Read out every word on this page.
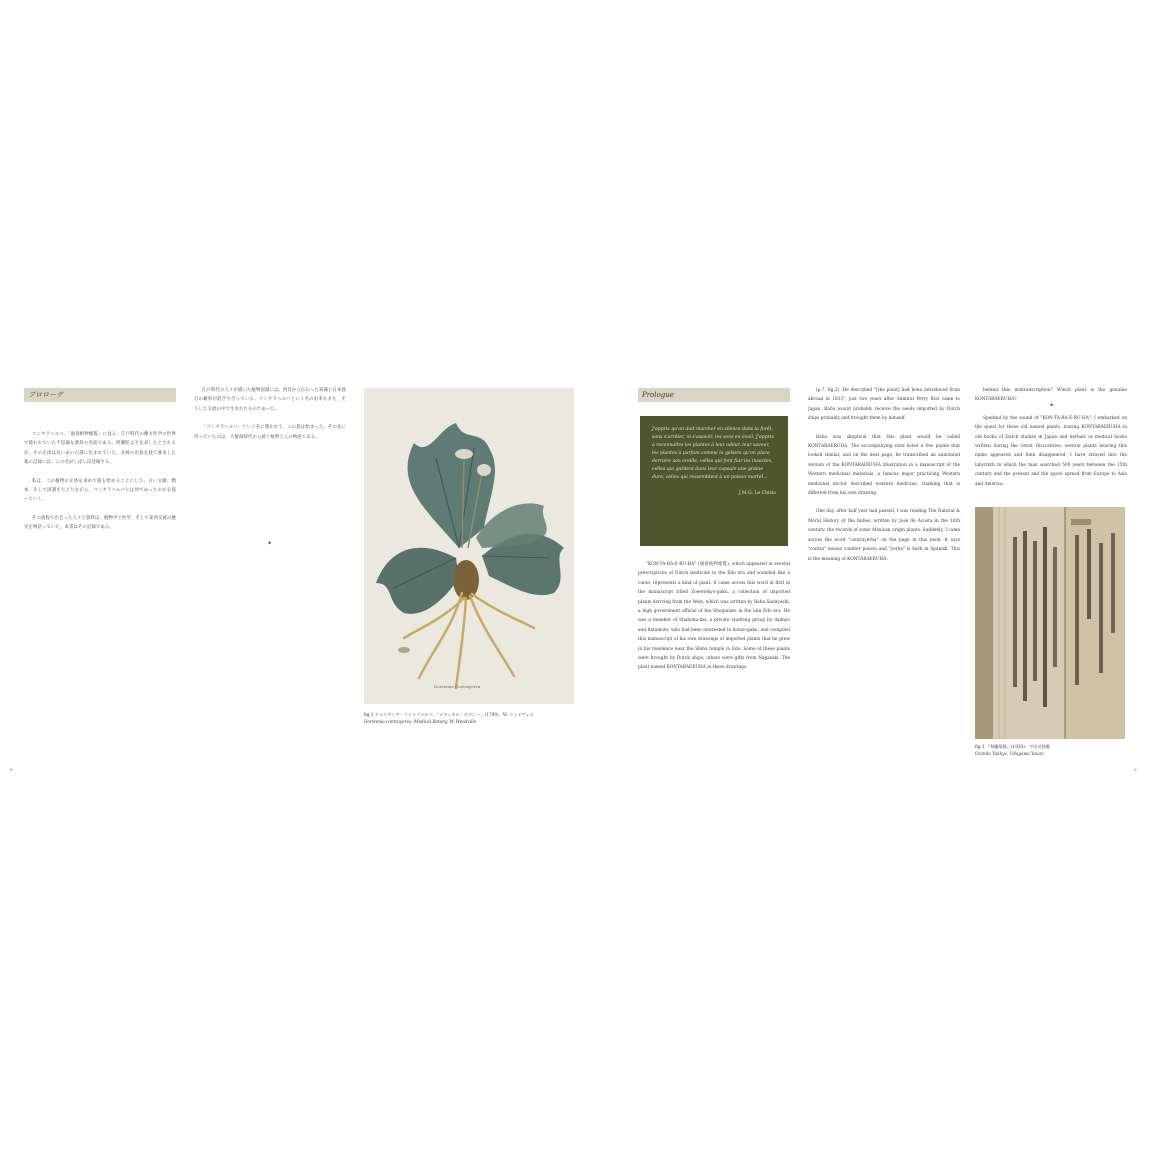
プロローグ

コンタラヘルバ。「通俗植物総覧」に見る、江戸時代の蘭方医学の世界で使われていた不思議な薬草の名前である。阿蘭陀より伝来したとされるが、その正体は長いあいだ謎に包まれていた。長崎の出島を経て渡来した薬の記録には、この名がしばしば登場する。

私は、この植物の正体を求めて旅を始めることにした。古い文献、標本、そして図譜をたどりながら、コンタラヘルバとは何であったのかを探っていく。

その過程で出会った人々と資料は、植物学と医学、そして東西交流の歴史を物語っていた。本書はその記録である。

江戸時代の人々が描いた植物図譜には、西洋から伝わった知識と日本独自の観察が混ざり合っている。コンタラヘルバという名の由来もまた、そうした交流の中で生まれたものであった。

「コンタラヘルバ」という名に導かれて、この旅は始まった。その先に待っていたのは、大航海時代から続く植物と人の物語である。

✦
Dorstenia Contrayerva
fig.1 ドルステニア・コントラエルバ、「メディカル・ボタニー」(1790)、W. ウッドヴィル
Dorstenia contrayerva, Medical Botany, W. Woodville
8
Prologue
J'appris qu'on doit marcher en silence dans la forêt, sans s'arrêter, ni s'asseoir, les sens en éveil. J'appris à reconnaître les plantes à leur odeur, leur saveur, les plantes à parfum comme la gelsem qu'on place derrière son oreille, celles qui font fuir les insectes, celles qui gardent dans leur capsule une graine dure, celles qui ressemblent à un poison mortel...
J.M.G. Le Clézio

"KON-TA-RA-E-RU-HA" (通俗植物総覧), which appeared in several prescriptions of Dutch medicine in the Edo era and sounded like a curse, represents a kind of plant. It came across this word at first in the manuscript titled Zoeeriekyo-gaku, a collection of imported plants deriving from the West, which was written by Baba Sadayoshi, a high government official of the Shogunate in the late Edo era. He was a member of Shaboku-kai, a private studying group by daimyo and hatamoto, who had been interested in honzo-gaku, and compiled this manuscript of his own drawings of imported plants that he grew in his residence near the Shiba temple in Edo. Some of these plants were brought by Dutch ships; others were gifts from Nagasaki. The plant named KONTARAERUHA in these drawings.

(p.7, fig.2). He described "[the plant] had been introduced from abroad in 1833", just two years after Admiral Perry first came to Japan. Baba would probably receive the seeds imported by Dutch ships probably and brought them by himself.

Baba was skeptical that this plant would be called KONTARAERUHA. The accompanying note listed a few plants that looked similar, and on the next page, he transcribed an annotated version of the KONTARAERUHA illustration in a manuscript of the Western medicinal materials, a famous major practicing Western medicinal doctor described western medicine, claiming that is different from his own drawing.

One day, after half year had passed, I was reading The Natural & Moral History of the Indies, written by José de Acosta in the 16th century, the records of some Mexican origin plants. Suddenly, I came across the word "contrayerba" on the page in this book. It says "contra" means counter poison and "yerba" is herb in Spanish. This is the meaning of KONTARAERUHA.

behind this mistranscription? Which plant is the genuine KONTARAERUHA?

Sparked by the sound of "KON-TA-RA-E-RU-HA", I embarked on the quest for these old named plants, tracing KONTARAERUHA in old books of Dutch studies in Japan and herbals or medical books written during the Great Discoveries; several plants bearing this name appeared and then disappeared. I have strayed into the labyrinth in which the man searched 500 years between the 15th century and the present and the space spread from Europe to Asia and America.

✦
fig.3 『和蘭薬鏡』(1820)、宇田川榕菴
Oranda Yakkyo, Udagawa Youan
9
